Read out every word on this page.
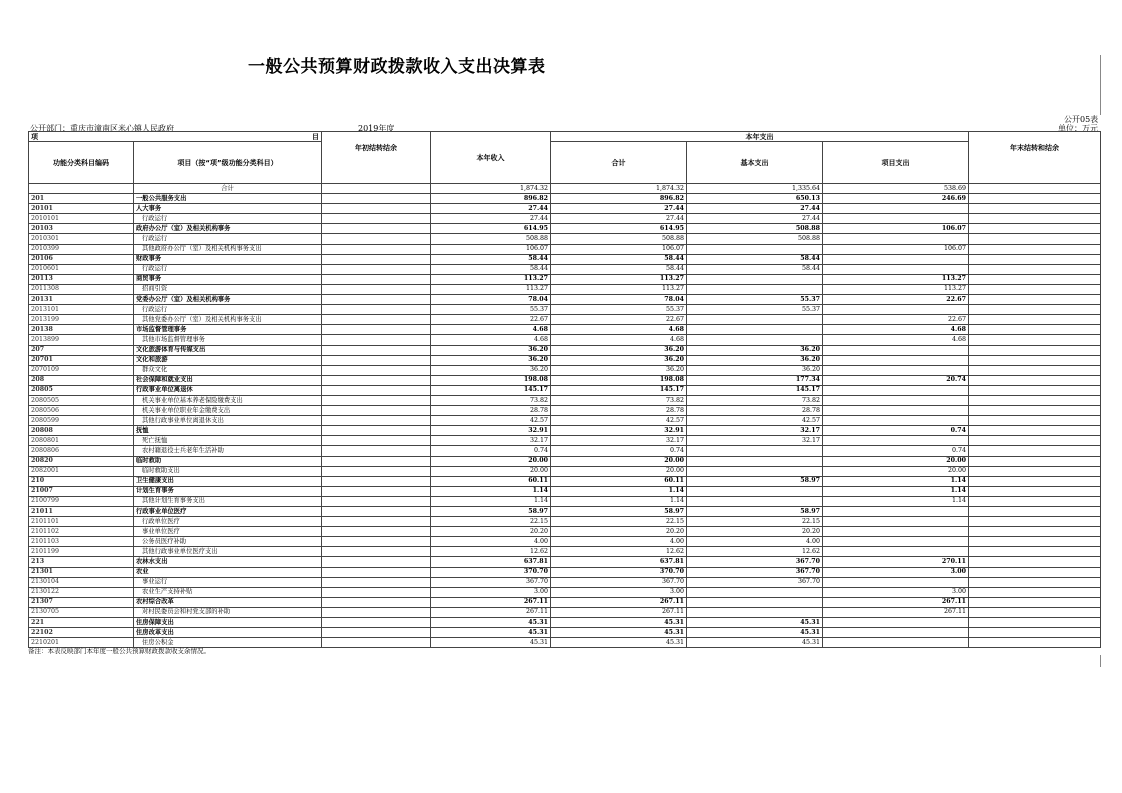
一般公共预算财政拨款收入支出决算表
公开05表
公开部门：重庆市潼南区米心镇人民政府	2019年度	单位：万元
项 目		年初结转结余	本年收入	本年支出			年末结转和结余
功能分类科目编码	项目（按“项”级功能分类科目）			合计	基本支出	项目支出	
	合计		1,874.32	1,874.32	1,335.64	538.69	
201	一般公共服务支出		896.82	896.82	650.13	246.69	
20101	人大事务		27.44	27.44	27.44		
2010101	行政运行		27.44	27.44	27.44		
20103	政府办公厅（室）及相关机构事务		614.95	614.95	508.88	106.07	
2010301	行政运行		508.88	508.88	508.88		
2010399	其他政府办公厅（室）及相关机构事务支出		106.07	106.07		106.07	
20106	财政事务		58.44	58.44	58.44		
2010601	行政运行		58.44	58.44	58.44		
20113	商贸事务		113.27	113.27		113.27	
2011308	招商引资		113.27	113.27		113.27	
20131	党委办公厅（室）及相关机构事务		78.04	78.04	55.37	22.67	
2013101	行政运行		55.37	55.37	55.37		
2013199	其他党委办公厅（室）及相关机构事务支出		22.67	22.67		22.67	
20138	市场监督管理事务		4.68	4.68		4.68	
2013899	其他市场监督管理事务		4.68	4.68		4.68	
207	文化旅游体育与传媒支出		36.20	36.20	36.20		
20701	文化和旅游		36.20	36.20	36.20		
2070109	群众文化		36.20	36.20	36.20		
208	社会保障和就业支出		198.08	198.08	177.34	20.74	
20805	行政事业单位离退休		145.17	145.17	145.17		
2080505	机关事业单位基本养老保险缴费支出		73.82	73.82	73.82		
2080506	机关事业单位职业年金缴费支出		28.78	28.78	28.78		
2080599	其他行政事业单位离退休支出		42.57	42.57	42.57		
20808	抚恤		32.91	32.91	32.17	0.74	
2080801	死亡抚恤		32.17	32.17	32.17		
2080806	农村籍退役士兵老年生活补助		0.74	0.74		0.74	
20820	临时救助		20.00	20.00		20.00	
2082001	临时救助支出		20.00	20.00		20.00	
210	卫生健康支出		60.11	60.11	58.97	1.14	
21007	计划生育事务		1.14	1.14		1.14	
2100799	其他计划生育事务支出		1.14	1.14		1.14	
21011	行政事业单位医疗		58.97	58.97	58.97		
2101101	行政单位医疗		22.15	22.15	22.15		
2101102	事业单位医疗		20.20	20.20	20.20		
2101103	公务员医疗补助		4.00	4.00	4.00		
2101199	其他行政事业单位医疗支出		12.62	12.62	12.62		
213	农林水支出		637.81	637.81	367.70	270.11	
21301	农业		370.70	370.70	367.70	3.00	
2130104	事业运行		367.70	367.70	367.70		
2130122	农业生产支持补贴		3.00	3.00		3.00	
21307	农村综合改革		267.11	267.11		267.11	
2130705	对村民委员会和村党支部的补助		267.11	267.11		267.11	
221	住房保障支出		45.31	45.31	45.31		
22102	住房改革支出		45.31	45.31	45.31		
2210201	住房公积金		45.31	45.31	45.31		
备注：本表反映部门本年度一般公共预算财政拨款收支余情况。
